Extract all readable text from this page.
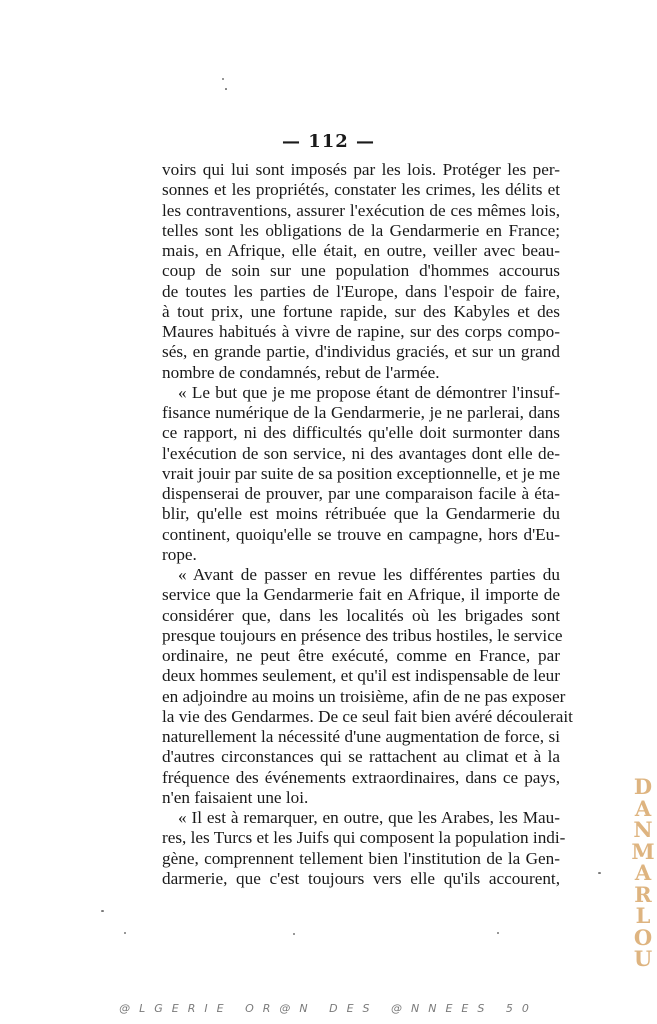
— 112 —

voirs qui lui sont imposés par les lois. Protéger les per-
sonnes et les propriétés, constater les crimes, les délits et
les contraventions, assurer l'exécution de ces mêmes lois,
telles sont les obligations de la Gendarmerie en France;
mais, en Afrique, elle était, en outre, veiller avec beau-
coup de soin sur une population d'hommes accourus
de toutes les parties de l'Europe, dans l'espoir de faire,
à tout prix, une fortune rapide, sur des Kabyles et des
Maures habitués à vivre de rapine, sur des corps compo-
sés, en grande partie, d'individus graciés, et sur un grand
nombre de condamnés, rebut de l'armée.

« Le but que je me propose étant de démontrer l'insuf-
fisance numérique de la Gendarmerie, je ne parlerai, dans
ce rapport, ni des difficultés qu'elle doit surmonter dans
l'exécution de son service, ni des avantages dont elle de-
vrait jouir par suite de sa position exceptionnelle, et je me
dispenserai de prouver, par une comparaison facile à éta-
blir, qu'elle est moins rétribuée que la Gendarmerie du
continent, quoiqu'elle se trouve en campagne, hors d'Eu-
rope.

« Avant de passer en revue les différentes parties du
service que la Gendarmerie fait en Afrique, il importe de
considérer que, dans les localités où les brigades sont
presque toujours en présence des tribus hostiles, le service
ordinaire, ne peut être exécuté, comme en France, par
deux hommes seulement, et qu'il est indispensable de leur
en adjoindre au moins un troisième, afin de ne pas exposer
la vie des Gendarmes. De ce seul fait bien avéré découlerait
naturellement la nécessité d'une augmentation de force, si
d'autres circonstances qui se rattachent au climat et à la
fréquence des événements extraordinaires, dans ce pays,
n'en faisaient une loi.

« Il est à remarquer, en outre, que les Arabes, les Mau-
res, les Turcs et les Juifs qui composent la population indi-
gène, comprennent tellement bien l'institution de la Gen-
darmerie, que c'est toujours vers elle qu'ils accourent,

D
A
N
M
A
R
L
O
U
@LGERIE OR@N DES @NNEES 50
